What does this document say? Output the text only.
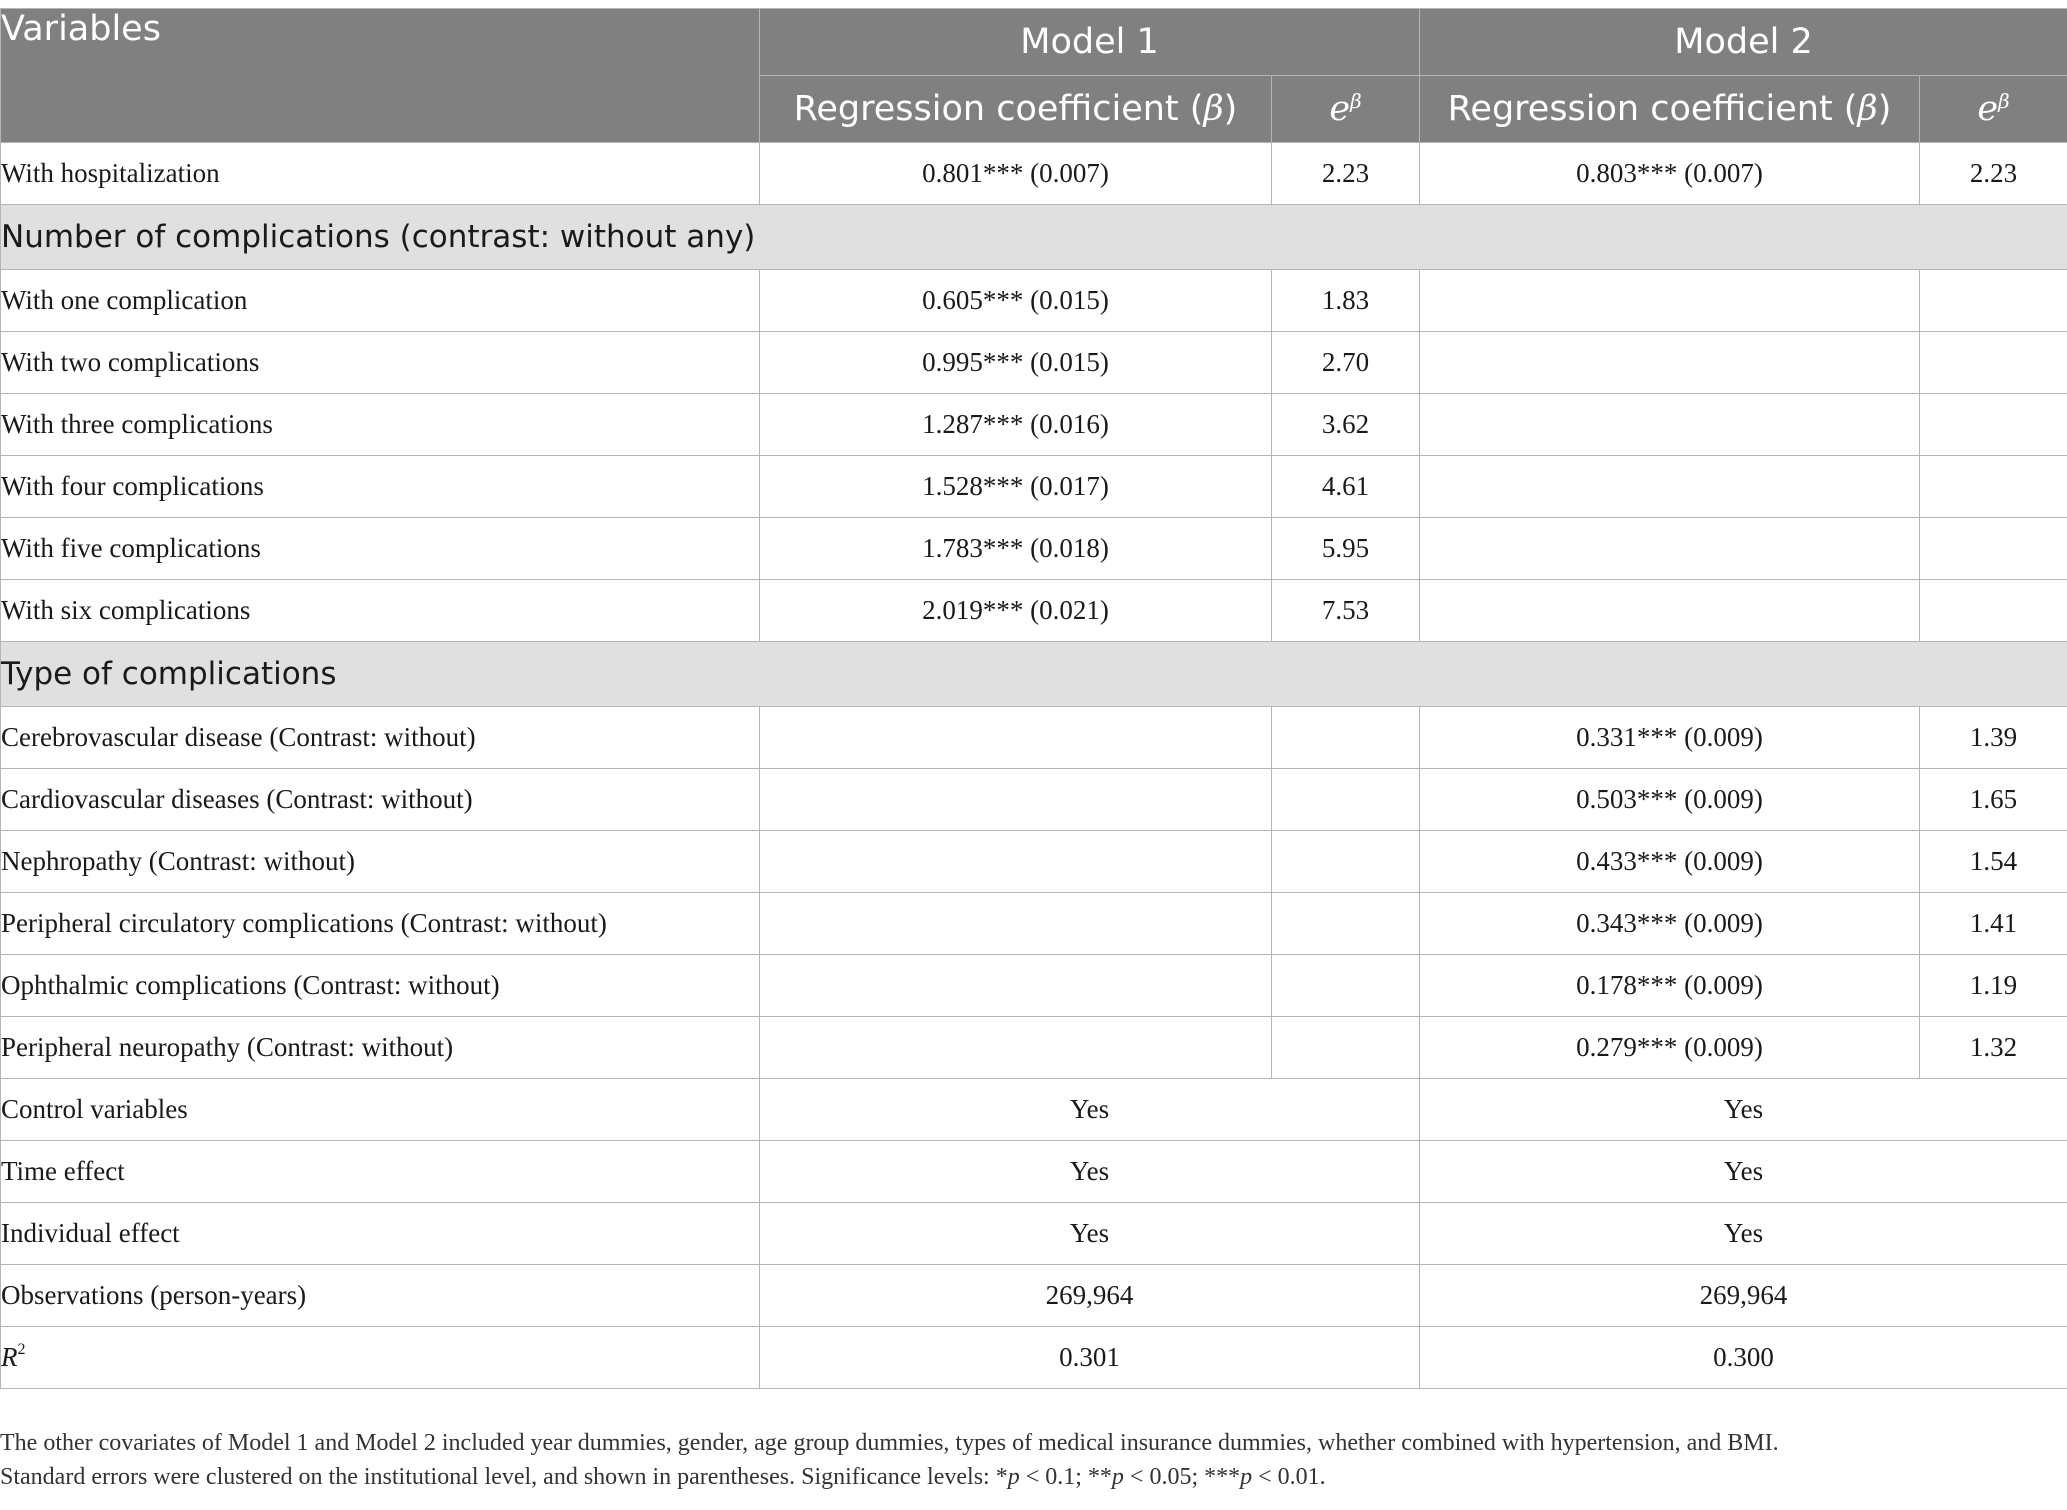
Variables	Model 1		Model 2	
	Regression coefficient (β)	$e^\beta$	Regression coefficient (β)	$e^\beta$
With hospitalization	0.801*** (0.007)	2.23	0.803*** (0.007)	2.23
Number of complications (contrast: without any)				
With one complication	0.605*** (0.015)	1.83		
With two complications	0.995*** (0.015)	2.70		
With three complications	1.287*** (0.016)	3.62		
With four complications	1.528*** (0.017)	4.61		
With five complications	1.783*** (0.018)	5.95		
With six complications	2.019*** (0.021)	7.53		
Type of complications				
Cerebrovascular disease (Contrast: without)			0.331*** (0.009)	1.39
Cardiovascular diseases (Contrast: without)			0.503*** (0.009)	1.65
Nephropathy (Contrast: without)			0.433*** (0.009)	1.54
Peripheral circulatory complications (Contrast: without)			0.343*** (0.009)	1.41
Ophthalmic complications (Contrast: without)			0.178*** (0.009)	1.19
Peripheral neuropathy (Contrast: without)			0.279*** (0.009)	1.32
Control variables	Yes		Yes	
Time effect	Yes		Yes	
Individual effect	Yes		Yes	
Observations (person-years)	269,964		269,964	
$R^2$	0.301		0.300	

The other covariates of Model 1 and Model 2 included year dummies, gender, age group dummies, types of medical insurance dummies, whether combined with hypertension, and BMI.

Standard errors were clustered on the institutional level, and shown in parentheses. Significance levels: *p < 0.1; **p < 0.05; ***p < 0.01.
